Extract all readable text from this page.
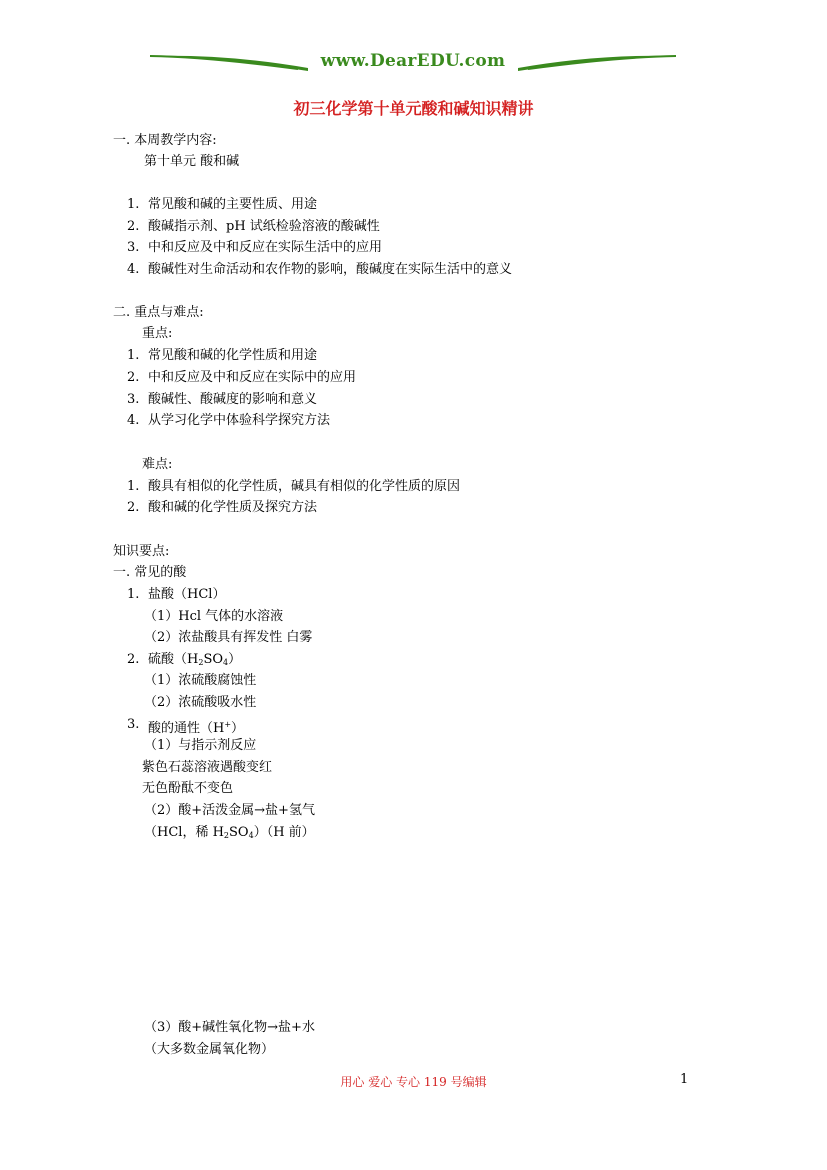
www.DearEDU.com
初三化学第十单元酸和碱知识精讲
一. 本周教学内容:
第十单元 酸和碱
1. 常见酸和碱的主要性质、用途
2. 酸碱指示剂、pH 试纸检验溶液的酸碱性
3. 中和反应及中和反应在实际生活中的应用
4. 酸碱性对生命活动和农作物的影响，酸碱度在实际生活中的意义
二. 重点与难点:
重点:
1. 常见酸和碱的化学性质和用途
2. 中和反应及中和反应在实际中的应用
3. 酸碱性、酸碱度的影响和意义
4. 从学习化学中体验科学探究方法
难点:
1. 酸具有相似的化学性质，碱具有相似的化学性质的原因
2. 酸和碱的化学性质及探究方法
知识要点:
一. 常见的酸
1. 盐酸（HCl）
（1）Hcl 气体的水溶液
（2）浓盐酸具有挥发性 白雾
2. 硫酸$(H_2SO_4)$
（1）浓硫酸腐蚀性
（2）浓硫酸吸水性
3. 酸的通性（H+）
（1）与指示剂反应
紫色石蕊溶液遇酸变红
无色酚酞不变色
（2）酸+活泼金属→盐+氢气
（HCl，稀 $H_2SO_4)(H$ 前）
（3）酸+碱性氧化物→盐+水
（大多数金属氧化物）
用心 爱心 专心 119 号编辑	1
